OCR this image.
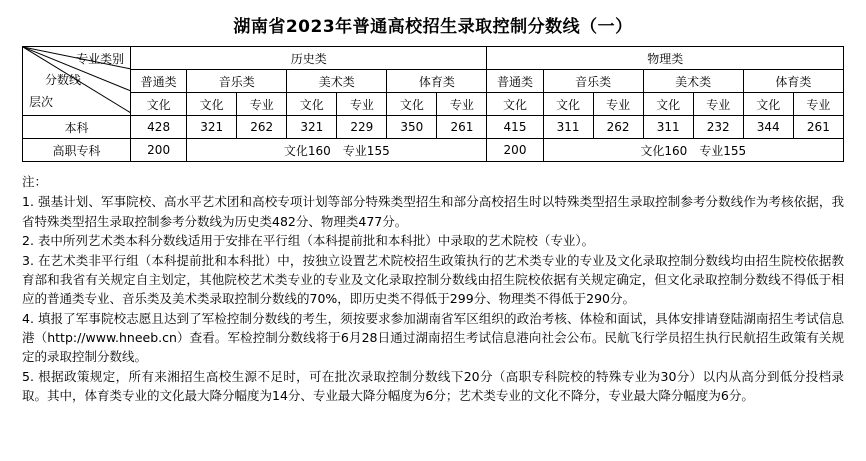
湖南省2023年普通高校招生录取控制分数线（一）
专业类别
分数线
层次	历史类							物理类						
	普通类	音乐类		美术类		体育类		普通类	音乐类		美术类		体育类	
	文化	文化	专业	文化	专业	文化	专业	文化	文化	专业	文化	专业	文化	专业
本科	428	321	262	321	229	350	261	415	311	262	311	232	344	261
高职专科	200	文化160　专业155						200	文化160　专业155					

注：

1. 强基计划、军事院校、高水平艺术团和高校专项计划等部分特殊类型招生和部分高校招生时以特殊类型招生录取控制参考分数线作为考核依据，我省特殊类型招生录取控制参考分数线为历史类482分、物理类477分。

2. 表中所列艺术类本科分数线适用于安排在平行组（本科提前批和本科批）中录取的艺术院校（专业）。

3. 在艺术类非平行组（本科提前批和本科批）中，按独立设置艺术院校招生政策执行的艺术类专业的专业及文化录取控制分数线均由招生院校依据教育部和我省有关规定自主划定，其他院校艺术类专业的专业及文化录取控制分数线由招生院校依据有关规定确定，但文化录取控制分数线不得低于相应的普通类专业、音乐类及美术类录取控制分数线的70%，即历史类不得低于299分、物理类不得低于290分。

4. 填报了军事院校志愿且达到了军检控制分数线的考生，须按要求参加湖南省军区组织的政治考核、体检和面试，具体安排请登陆湖南招生考试信息港（http://www.hneeb.cn）查看。军检控制分数线将于6月28日通过湖南招生考试信息港向社会公布。民航飞行学员招生执行民航招生政策有关规定的录取控制分数线。

5. 根据政策规定，所有来湘招生高校生源不足时，可在批次录取控制分数线下20分（高职专科院校的特殊专业为30分）以内从高分到低分投档录取。其中，体育类专业的文化最大降分幅度为14分、专业最大降分幅度为6分；艺术类专业的文化不降分，专业最大降分幅度为6分。
